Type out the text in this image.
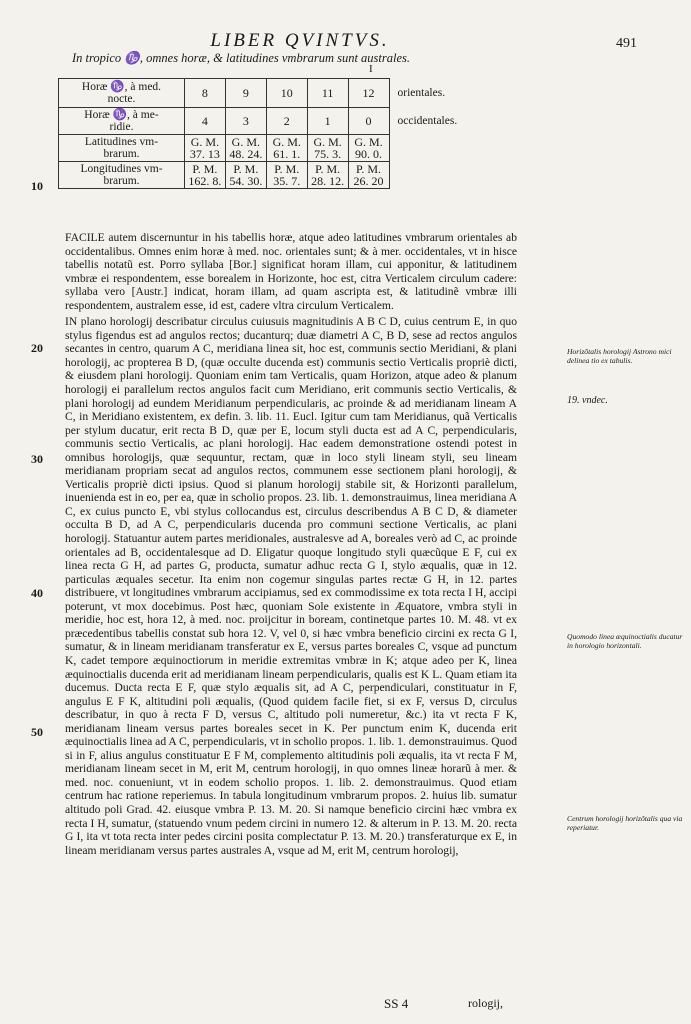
LIBER QVINTVS.	491
In tropico ♑, omnes horæ, & latitudines vmbrarum sunt australes.
I
Horæ ♑, à med.
nocte.	8	9	10	11	12	orientales.

Horæ ♑, à me-
ridie.	4	3	2	1	0	occidentales.

Latitudines vm-
brarum.	G. M.
37. 13	G. M.
48. 24.	G. M.
61. 1.	G. M.
75. 3.	G. M.
90. 0.	

Longitudines vm-
brarum.	P. M.
162. 8.	P. M.
54. 30.	P. M.
35. 7.	P. M.
28. 12.	P. M.
26. 20	

10
20
30
40
50

FACILE autem discernuntur in his tabellis horæ, atque adeo latitudines vmbrarum orientales ab occidentalibus. Omnes enim horæ à med. noc. orientales sunt; & à mer. occidentales, vt in hisce tabellis notatũ est. Porro syllaba [Bor.] significat horam illam, cui apponitur, & latitudinem vmbræ ei respondentem, esse borealem in Horizonte, hoc est, citra Verticalem circulum cadere: syllaba vero [Austr.] indicat, horam illam, ad quam ascripta est, & latitudinẽ vmbræ illi respondentem, australem esse, id est, cadere vltra circulum Verticalem.

IN plano horologij describatur circulus cuiusuis magnitudinis A B C D, cuius centrum E, in quo stylus figendus est ad angulos rectos; ducanturq; duæ diametri A C, B D, sese ad rectos angulos secantes in centro, quarum A C, meridiana linea sit, hoc est, communis sectio Meridiani, & plani horologij, ac propterea B D, (quæ occulte ducenda est) communis sectio Verticalis propriè dicti, & eiusdem plani horologij. Quoniam enim tam Verticalis, quam Horizon, atque adeo & planum horologij ei parallelum rectos angulos facit cum Meridiano, erit communis sectio Verticalis, & plani horologij ad eundem Meridianum perpendicularis, ac proinde & ad meridianam lineam A C, in Meridiano existentem, ex defin. 3. lib. 11. Eucl. Igitur cum tam Meridianus, quã Verticalis per stylum ducatur, erit recta B D, quæ per E, locum styli ducta est ad A C, perpendicularis, communis sectio Verticalis, ac plani horologij. Hac eadem demonstratione ostendi potest in omnibus horologijs, quæ sequuntur, rectam, quæ in loco styli lineam styli, seu lineam meridianam propriam secat ad angulos rectos, communem esse sectionem plani horologij, & Verticalis propriè dicti ipsius. Quod si planum horologij stabile sit, & Horizonti parallelum, inuenienda est in eo, per ea, quæ in scholio propos. 23. lib. 1. demonstrauimus, linea meridiana A C, ex cuius puncto E, vbi stylus collocandus est, circulus describendus A B C D, & diameter occulta B D, ad A C, perpendicularis ducenda pro communi sectione Verticalis, ac plani horologij. Statuantur autem partes meridionales, australesve ad A, boreales verò ad C, ac proinde orientales ad B, occidentalesque ad D. Eligatur quoque longitudo styli quæcũque E F, cui ex linea recta G H, ad partes G, producta, sumatur adhuc recta G I, stylo æqualis, quæ in 12. particulas æquales secetur. Ita enim non cogemur singulas partes rectæ G H, in 12. partes distribuere, vt longitudines vmbrarum accipiamus, sed ex commodissime ex tota recta I H, accipi poterunt, vt mox docebimus. Post hæc, quoniam Sole existente in Æquatore, vmbra styli in meridie, hoc est, hora 12, à med. noc. proijcitur in boream, continetque partes 10. M. 48. vt ex præcedentibus tabellis constat sub hora 12. V, vel 0, si hæc vmbra beneficio circini ex recta G I, sumatur, & in lineam meridianam transferatur ex E, versus partes boreales C, vsque ad punctum K, cadet tempore æquinoctiorum in meridie extremitas vmbræ in K; atque adeo per K, linea æquinoctialis ducenda erit ad meridianam lineam perpendicularis, qualis est K L. Quam etiam ita ducemus. Ducta recta E F, quæ stylo æqualis sit, ad A C, perpendiculari, constituatur in F, angulus E F K, altitudini poli æqualis, (Quod quidem facile fiet, si ex F, versus D, circulus describatur, in quo à recta F D, versus C, altitudo poli numeretur, &c.) ita vt recta F K, meridianam lineam versus partes boreales secet in K. Per punctum enim K, ducenda erit æquinoctialis linea ad A C, perpendicularis, vt in scholio propos. 1. lib. 1. demonstrauimus. Quod si in F, alius angulus constituatur E F M, complemento altitudinis poli æqualis, ita vt recta F M, meridianam lineam secet in M, erit M, centrum horologij, in quo omnes lineæ horarũ à mer. & med. noc. conueniunt, vt in eodem scholio propos. 1. lib. 2. demonstrauimus. Quod etiam centrum hac ratione reperiemus. In tabula longitudinum vmbrarum propos. 2. huius lib. sumatur altitudo poli Grad. 42. eiusque vmbra P. 13. M. 20. Si namque beneficio circini hæc vmbra ex recta I H, sumatur, (statuendo vnum pedem circini in numero 12. & alterum in P. 13. M. 20. recta G I, ita vt tota recta inter pedes circini posita complectatur P. 13. M. 20.) transferaturque ex E, in lineam meridianam versus partes australes A, vsque ad M, erit M, centrum horologij,

Horizõtalis horologij Astrono mici delinea tio ex tabulis.
19. vndec.
Quomodo linea æquinoctialis ducatur in horologio horizontali.
Centrum horologij horizõtalis qua via reperiatur.
SS 4	rologij,
